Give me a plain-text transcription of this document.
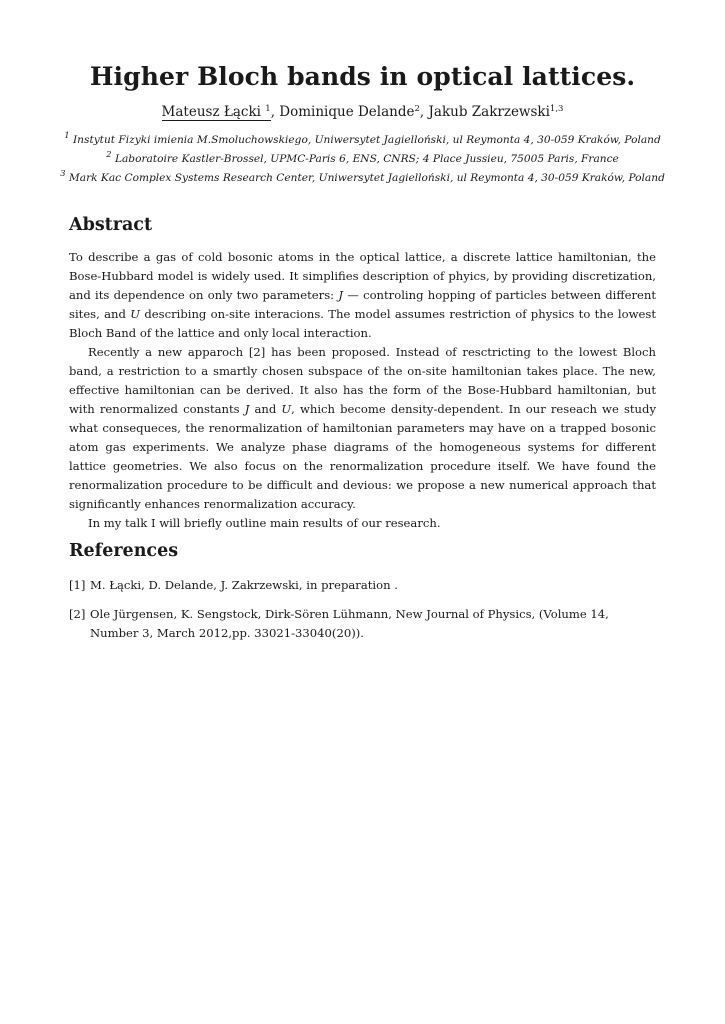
Higher Bloch bands in optical lattices.
Mateusz Łącki $^1$, Dominique Delande$^2$, Jakub Zakrzewski$^{1,3}$
$^1$ Instytut Fizyki imienia M.Smoluchowskiego, Uniwersytet Jagielloński, ul Reymonta 4, 30-059 Kraków, Poland
$^2$ Laboratoire Kastler-Brossel, UPMC-Paris 6, ENS, CNRS; 4 Place Jussieu, 75005 Paris, France
$^3$ Mark Kac Complex Systems Research Center, Uniwersytet Jagielloński, ul Reymonta 4, 30-059 Kraków, Poland
Abstract

To describe a gas of cold bosonic atoms in the optical lattice, a discrete lattice hamiltonian, the Bose-Hubbard model is widely used. It simplifies description of phyics, by providing discretization, and its dependence on only two parameters: J — controling hopping of particles between different sites, and U describing on-site interacions. The model assumes restriction of physics to the lowest Bloch Band of the lattice and only local interaction.

Recently a new apparoch [2] has been proposed. Instead of resctricting to the lowest Bloch band, a restriction to a smartly chosen subspace of the on-site hamiltonian takes place. The new, effective hamiltonian can be derived. It also has the form of the Bose-Hubbard hamiltonian, but with renormalized constants J and U, which become density-dependent. In our reseach we study what consequeces, the renormalization of hamiltonian parameters may have on a trapped bosonic atom gas experiments. We analyze phase diagrams of the homogeneous systems for different lattice geometries. We also focus on the renormalization procedure itself. We have found the renormalization procedure to be difficult and devious: we propose a new numerical approach that significantly enhances renormalization accuracy.

In my talk I will briefly outline main results of our research.

References
[1] M. Łącki, D. Delande, J. Zakrzewski, in preparation .
[2] Ole Jürgensen, K. Sengstock, Dirk-Sören Lühmann, New Journal of Physics, (Volume 14, Number 3, March 2012,pp. 33021-33040(20)).
